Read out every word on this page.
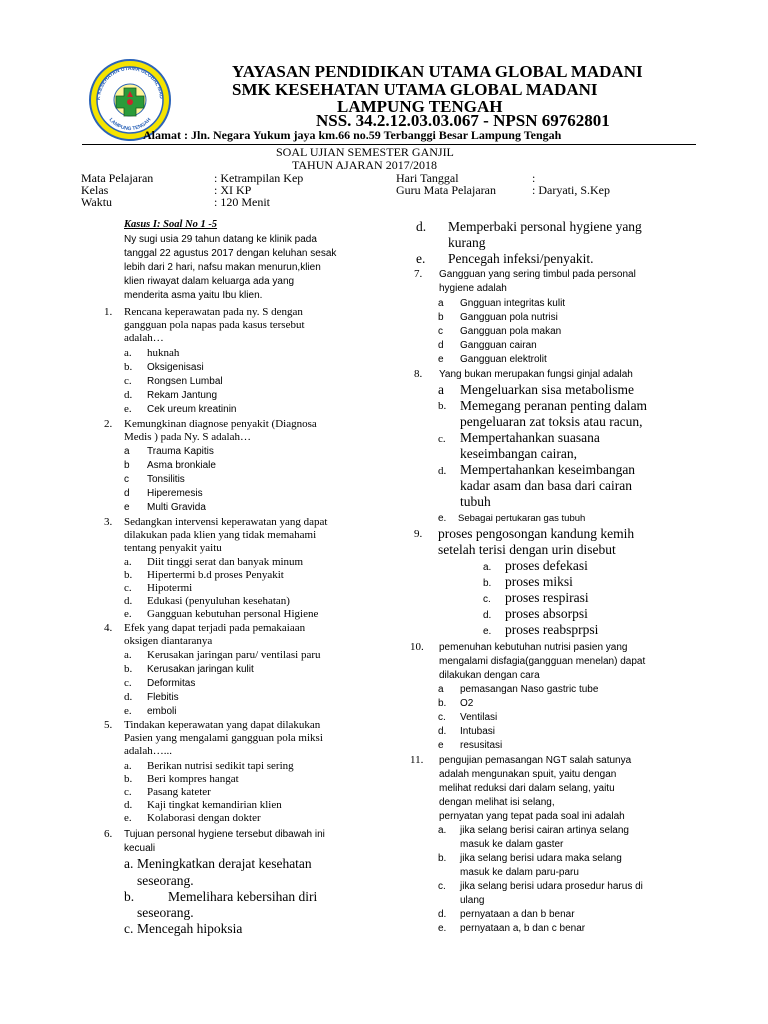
K KESEHATAN UTAMA GLOBAL MAD
LAMPUNG TENGAH
YAYASAN PENDIDIKAN UTAMA GLOBAL MADANI
SMK KESEHATAN UTAMA GLOBAL MADANI
LAMPUNG TENGAH
NSS. 34.2.12.03.03.067 - NPSN 69762801
Alamat : Jln. Negara Yukum jaya km.66 no.59 Terbanggi Besar Lampung Tengah
SOAL UJIAN SEMESTER GANJIL
TAHUN AJARAN 2017/2018
Mata Pelajaran	: Ketrampilan Kep
Kelas	: XI KP
Waktu	: 120 Menit
Hari Tanggal	:
Guru Mata Pelajaran	: Daryati, S.Kep
Kasus I: Soal No 1 -5
Ny sugi usia 29 tahun datang ke klinik pada
tanggal 22 agustus 2017 dengan keluhan sesak
lebih dari 2 hari, nafsu makan menurun,klien
klien riwayat dalam keluarga ada yang
menderita asma yaitu Ibu klien.
1. Rencana keperawatan pada ny. S dengan
gangguan pola napas pada kasus tersebut
adalah…
a. huknah
b. Oksigenisasi
c. Rongsen Lumbal
d. Rekam Jantung
e. Cek ureum kreatinin
2. Kemungkinan diagnose penyakit (Diagnosa
Medis ) pada Ny. S adalah…
a Trauma Kapitis
b Asma bronkiale
c Tonsilitis
d Hiperemesis
e Multi Gravida
3. Sedangkan intervensi keperawatan yang dapat
dilakukan pada klien yang tidak memahami
tentang penyakit yaitu
a. Diit tinggi serat dan banyak minum
b. Hipertermi b.d proses Penyakit
c. Hipotermi
d. Edukasi (penyuluhan kesehatan)
e. Gangguan kebutuhan personal Higiene
4. Efek yang dapat terjadi pada pemakaiaan
oksigen diantaranya
a. Kerusakan jaringan paru/ ventilasi paru
b. Kerusakan jaringan kulit
c. Deformitas
d. Flebitis
e. emboli
5. Tindakan keperawatan yang dapat dilakukan
Pasien yang mengalami gangguan pola miksi
adalah…...
a. Berikan nutrisi sedikit tapi sering
b. Beri kompres hangat
c. Pasang kateter
d. Kaji tingkat kemandirian klien
e. Kolaborasi dengan dokter
6. Tujuan personal hygiene tersebut dibawah ini
kecuali
a. Meningkatkan derajat kesehatan
seseorang.
b.	Memelihara kebersihan diri
seseorang.
c. Mencegah hipoksia
d. Memperbaki personal hygiene yang
kurang
e. Pencegah infeksi/penyakit.
7. Gangguan yang sering timbul pada personal
hygiene adalah
a Gngguan integritas kulit
b Gangguan pola nutrisi
c Gangguan pola makan
d Gangguan cairan
e Gangguan elektrolit
8. Yang bukan merupakan fungsi ginjal adalah
a Mengeluarkan sisa metabolisme
b. Memegang peranan penting dalam
pengeluaran zat toksis atau racun,
c. Mempertahankan suasana
keseimbangan cairan,
d. Mempertahankan keseimbangan
kadar asam dan basa dari cairan
tubuh
e. Sebagai pertukaran gas tubuh
9. proses pengosongan kandung kemih
setelah terisi dengan urin disebut
a. proses defekasi
b. proses miksi
c. proses respirasi
d. proses absorpsi
e. proses reabsprpsi
10. pemenuhan kebutuhan nutrisi pasien yang
mengalami disfagia(gangguan menelan) dapat
dilakukan dengan cara
a pemasangan Naso gastric tube
b. O2
c. Ventilasi
d. Intubasi
e resusitasi
11. pengujian pemasangan NGT salah satunya
adalah mengunakan spuit, yaitu dengan
melihat reduksi dari dalam selang, yaitu
dengan melihat isi selang,
pernyatan yang tepat pada soal ini adalah
a. jika selang berisi cairan artinya selang
masuk ke dalam gaster
b. jika selang berisi udara maka selang
masuk ke dalam paru-paru
c. jika selang berisi udara prosedur harus di
ulang
d. pernyataan a dan b benar
e. pernyataan a, b dan c benar
